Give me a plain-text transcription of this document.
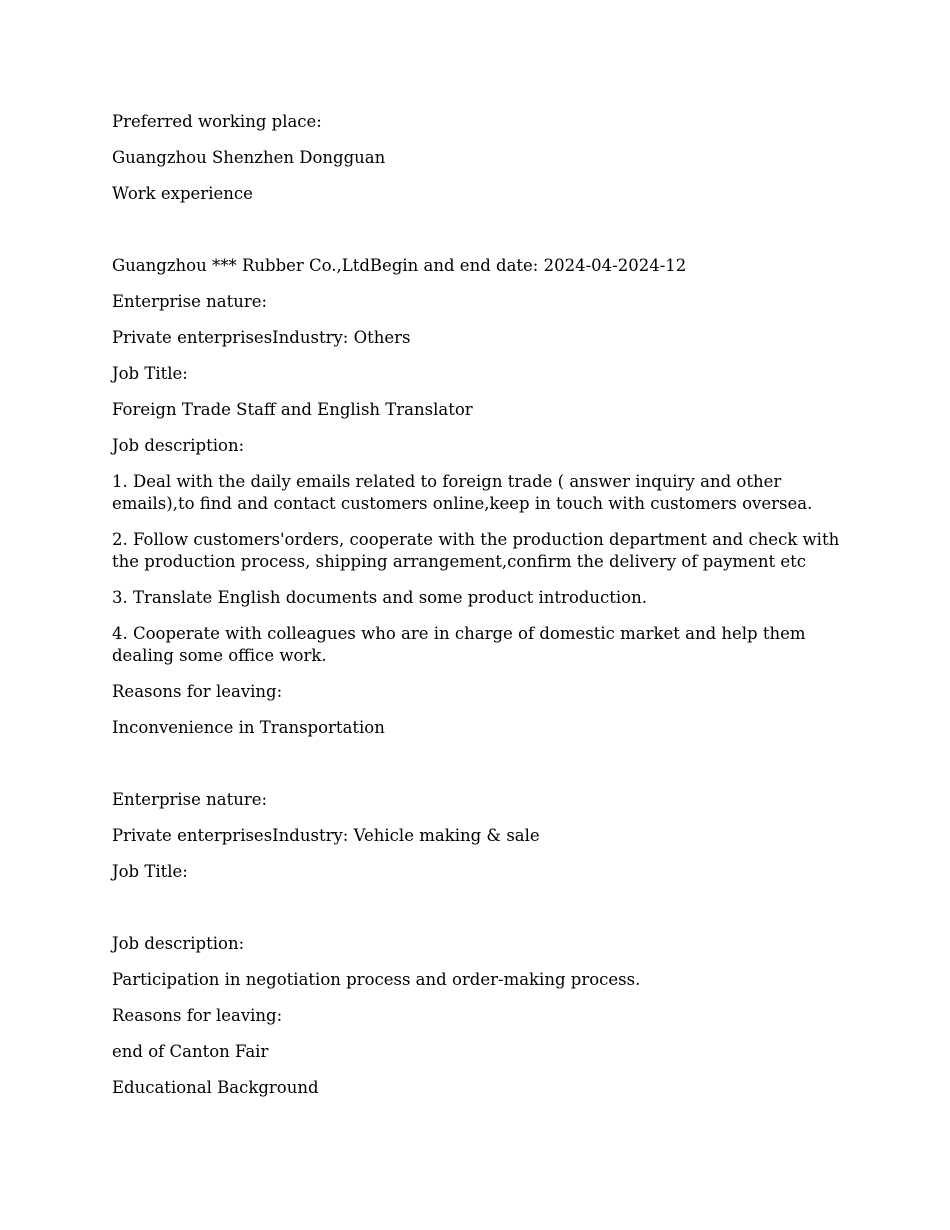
Preferred working place:

Guangzhou Shenzhen Dongguan

Work experience

Guangzhou *** Rubber Co.,LtdBegin and end date: 2024-04-2024-12

Enterprise nature:

Private enterprisesIndustry: Others

Job Title:

Foreign Trade Staff and English Translator

Job description:

1. Deal with the daily emails related to foreign trade ( answer inquiry and other emails),to find and contact customers online,keep in touch with customers oversea.

2. Follow customers'orders, cooperate with the production department and check with the production process, shipping arrangement,confirm the delivery of payment etc

3. Translate English documents and some product introduction.

4. Cooperate with colleagues who are in charge of domestic market and help them dealing some office work.

Reasons for leaving:

Inconvenience in Transportation

Enterprise nature:

Private enterprisesIndustry: Vehicle making & sale

Job Title:

Job description:

Participation in negotiation process and order-making process.

Reasons for leaving:

end of Canton Fair

Educational Background
